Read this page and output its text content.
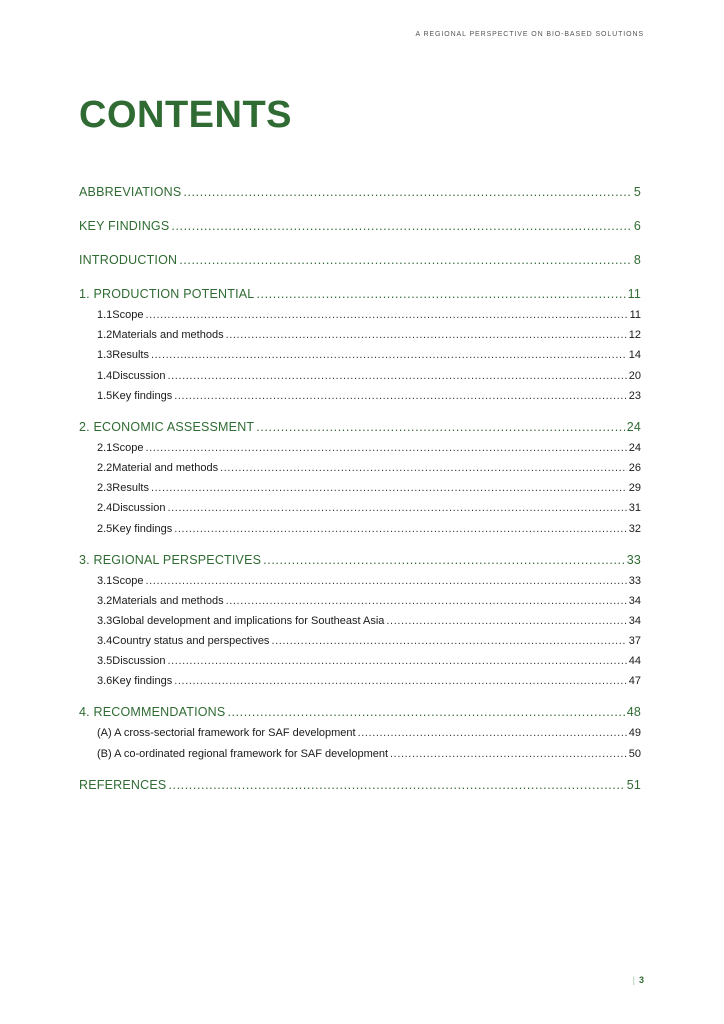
A REGIONAL PERSPECTIVE ON BIO-BASED SOLUTIONS
CONTENTS
ABBREVIATIONS .....	5
KEY FINDINGS .....	6
INTRODUCTION .....	8
1. PRODUCTION POTENTIAL .....	11
1.1 Scope .....	11
1.2 Materials and methods .....	12
1.3 Results .....	14
1.4 Discussion .....	20
1.5 Key findings .....	23
2. ECONOMIC ASSESSMENT .....	24
2.1 Scope .....	24
2.2 Material and methods .....	26
2.3 Results .....	29
2.4 Discussion .....	31
2.5 Key findings .....	32
3. REGIONAL PERSPECTIVES .....	33
3.1 Scope .....	33
3.2 Materials and methods .....	34
3.3 Global development and implications for Southeast Asia .....	34
3.4 Country status and perspectives .....	37
3.5 Discussion .....	44
3.6 Key findings .....	47
4. RECOMMENDATIONS .....	48
(A) A cross-sectorial framework for SAF development .....	49
(B) A co-ordinated regional framework for SAF development .....	50
REFERENCES .....	51
| 3
